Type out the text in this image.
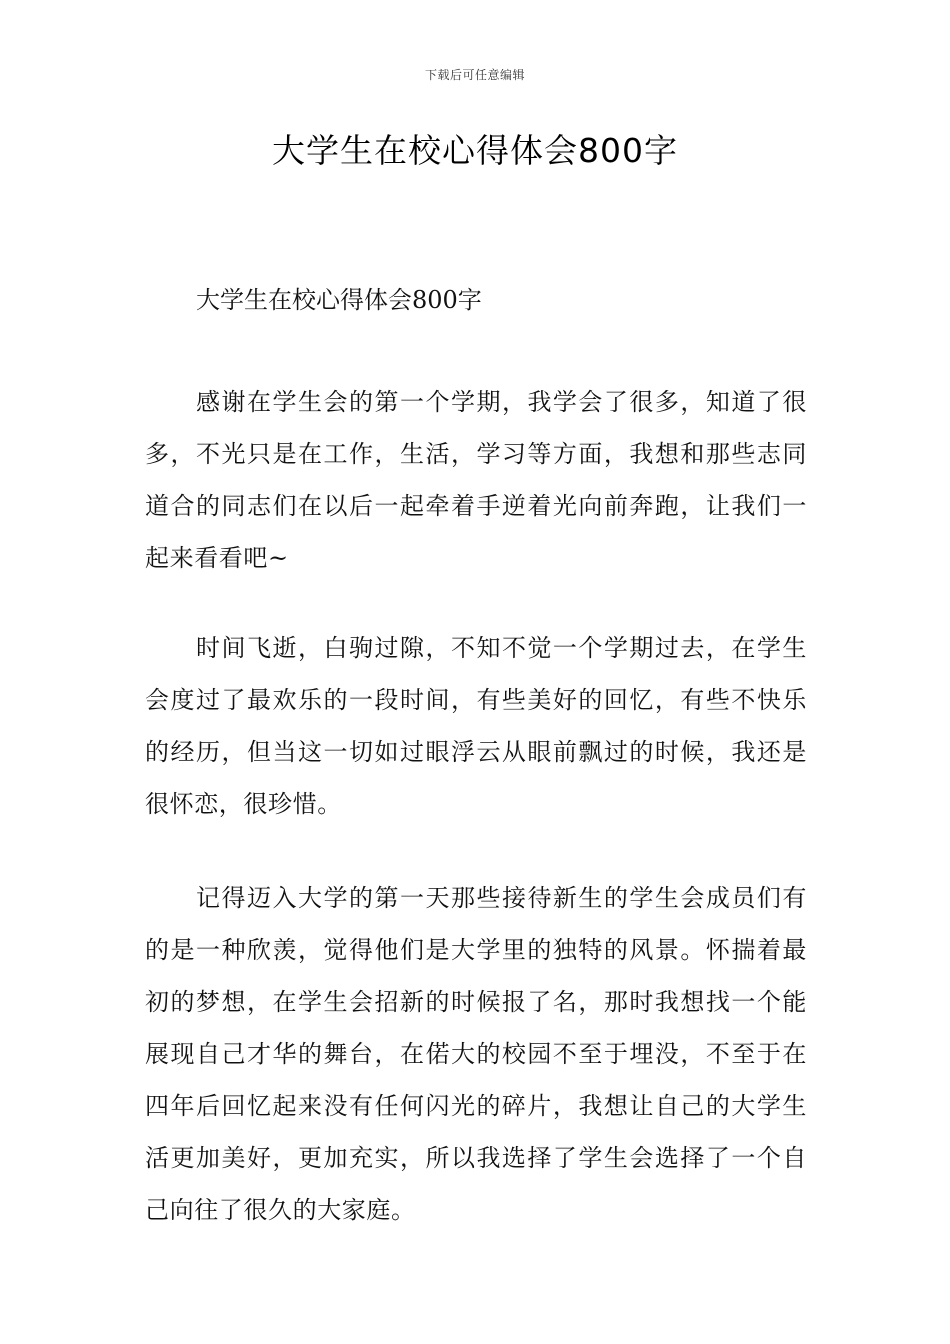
下载后可任意编辑
大学生在校心得体会800字
大学生在校心得体会800字

感谢在学生会的第一个学期，我学会了很多，知道了很多，不光只是在工作，生活，学习等方面，我想和那些志同道合的同志们在以后一起牵着手逆着光向前奔跑，让我们一起来看看吧~

时间飞逝，白驹过隙，不知不觉一个学期过去，在学生会度过了最欢乐的一段时间，有些美好的回忆，有些不快乐的经历，但当这一切如过眼浮云从眼前飘过的时候，我还是很怀恋，很珍惜。

记得迈入大学的第一天那些接待新生的学生会成员们有的是一种欣羡，觉得他们是大学里的独特的风景。怀揣着最初的梦想，在学生会招新的时候报了名，那时我想找一个能展现自己才华的舞台，在偌大的校园不至于埋没，不至于在四年后回忆起来没有任何闪光的碎片，我想让自己的大学生活更加美好，更加充实，所以我选择了学生会选择了一个自己向往了很久的大家庭。
